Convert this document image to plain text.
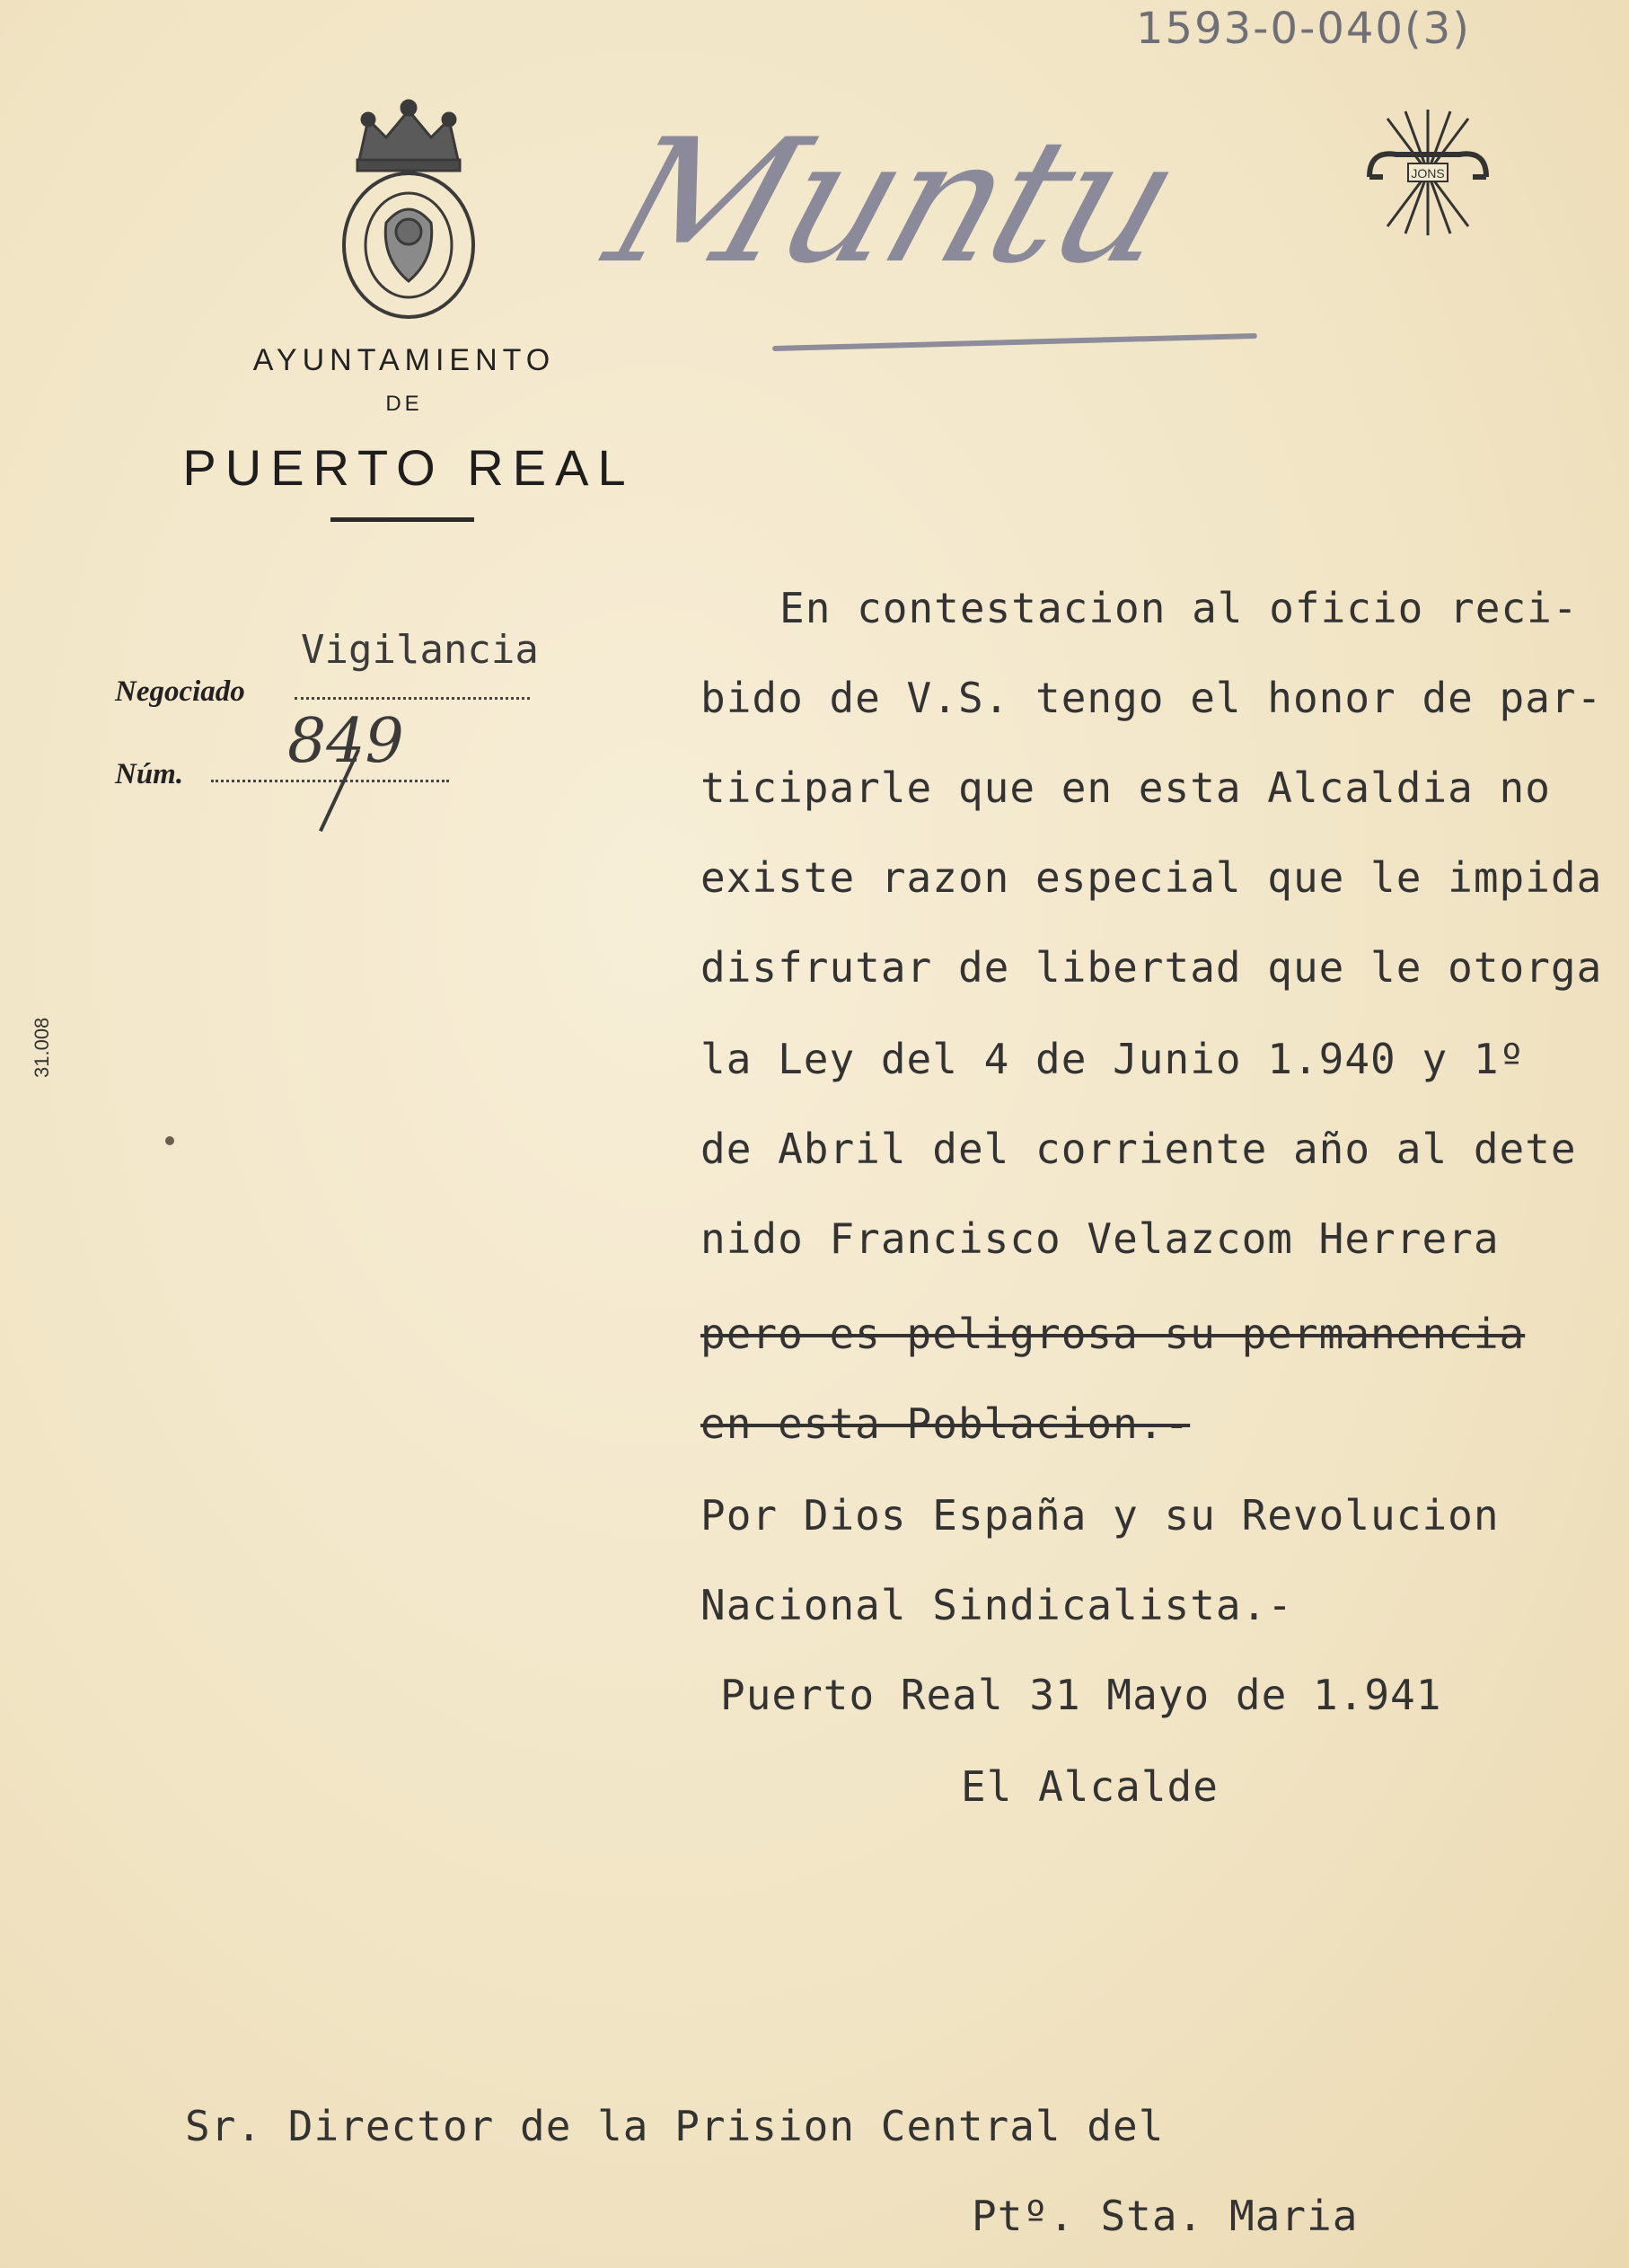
1593-0-040(3)
Muntu	JONS
AYUNTAMIENTO
DE
PUERTO REAL
Vigilancia
Negociado
849
Núm.
31.008
En contestacion al oficio reci-
bido de V.S. tengo el honor de par-
ticiparle que en esta Alcaldia no
existe razon especial que le impida
disfrutar de libertad que le otorga
la Ley del 4 de Junio 1.940 y 1º
de Abril del corriente año al dete
nido Francisco Velazcom Herrera
pero es peligrosa su permanencia
en esta Poblacion.-
Por Dios España y su Revolucion
Nacional Sindicalista.-
Puerto Real 31 Mayo de 1.941
El Alcalde
Sr. Director de la Prision Central del
Ptº. Sta. Maria
